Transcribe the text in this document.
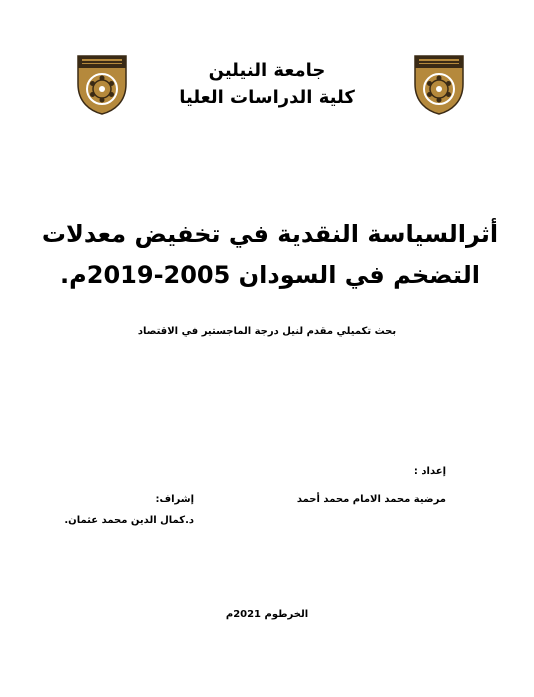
جامعة النيلين
كلية الدراسات العليا
أثرالسياسة النقدية في تخفيض معدلات
التضخم في السودان 2005-2019م.
بحث تكميلي مقدم لنيل درجة الماجستير في الاقتصاد
إعداد :
مرضية محمد الامام محمد أحمد
إشراف:
د.كمال الدين محمد عثمان.
الخرطوم 2021م
